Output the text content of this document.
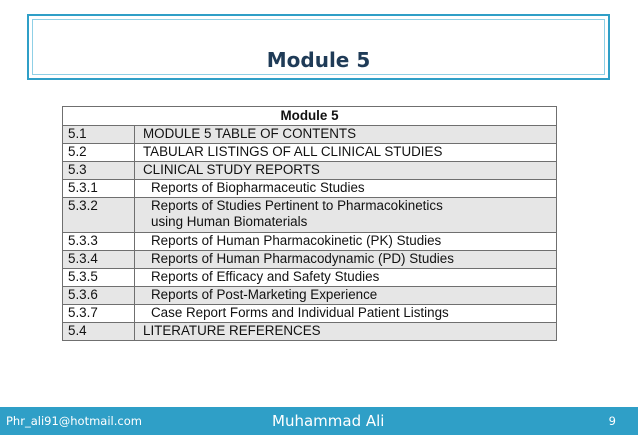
Module 5
Module 5	
5.1	MODULE 5 TABLE OF CONTENTS
5.2	TABULAR LISTINGS OF ALL CLINICAL STUDIES
5.3	CLINICAL STUDY REPORTS
5.3.1	Reports of Biopharmaceutic Studies
5.3.2	Reports of Studies Pertinent to Pharmacokinetics
using Human Biomaterials

5.3.3	Reports of Human Pharmacokinetic (PK) Studies
5.3.4	Reports of Human Pharmacodynamic (PD) Studies
5.3.5	Reports of Efficacy and Safety Studies
5.3.6	Reports of Post-Marketing Experience
5.3.7	Case Report Forms and Individual Patient Listings
5.4	LITERATURE REFERENCES
Phr_ali91@hotmail.com	Muhammad Ali	9
